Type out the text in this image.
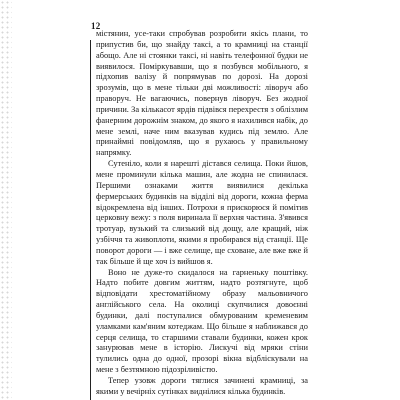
12

містянин, усе-таки спробував розробити якісь плани, то припустив би, що знайду таксі, а то крамниці на станції абощо. Але ні стоянки таксі, ні навіть телефонної будки не виявилося. Поміркувавши, що я позбувся мобільного, я підхопив валізу й попрямував по дорозі. На дорозі зрозумів, що в мене тільки дві можливості: ліворуч або праворуч. Не вагаючись, повернув ліворуч. Без жодної причини. За кількасот ярдів підвівся перехрестя з облізлим фанерним дорожнім знаком, до якого я нахилився набік, до мене землі, наче ним вказував кудись під землю. Але принаймні повідомляв, що я рухаюсь у правильному напрямку.

Сутеніло, коли я нарешті дістався селища. Поки йшов, мене проминули кілька машин, але жодна не спинилася. Першими ознаками життя виявилися декілька фермерських будинків на відділі від дороги, кожна ферма відокремлена від інших. Потрохи я прискорюся й помітив церковну вежу: з поля виринала її верхня частина. З'явився тротуар, вузький та слизький від дощу, але кращий, ніж узбіччя та живоплоти, якими я пробирався від станції. Ще поворот дороги — і вже селище, ще сховане, але вже вже й так більше й ще хоч із вийшов я.

Воно не дуже-то скидалося на гарненьку поштівку. Надто побите довгим життям, надто розтягнуте, щоб відповідати хрестоматійному образу мальовничого англійського села. На околиці скупчилися довоєнні будинки, далі поступалися обмурованим кременевим уламками кам'яним котеджам. Що більше я наближався до серця селища, то старшими ставали будинки, кожен крок занурював мене в історію. Лискучі від мряки стіни тулились одна до одної, прозорі вікна відбліскували на мене з безтямною підозріливістю.

Тепер узовж дороги тяглися зачинені крамниці, за якими у вечірніх сутінках виднілися кілька будинків.
